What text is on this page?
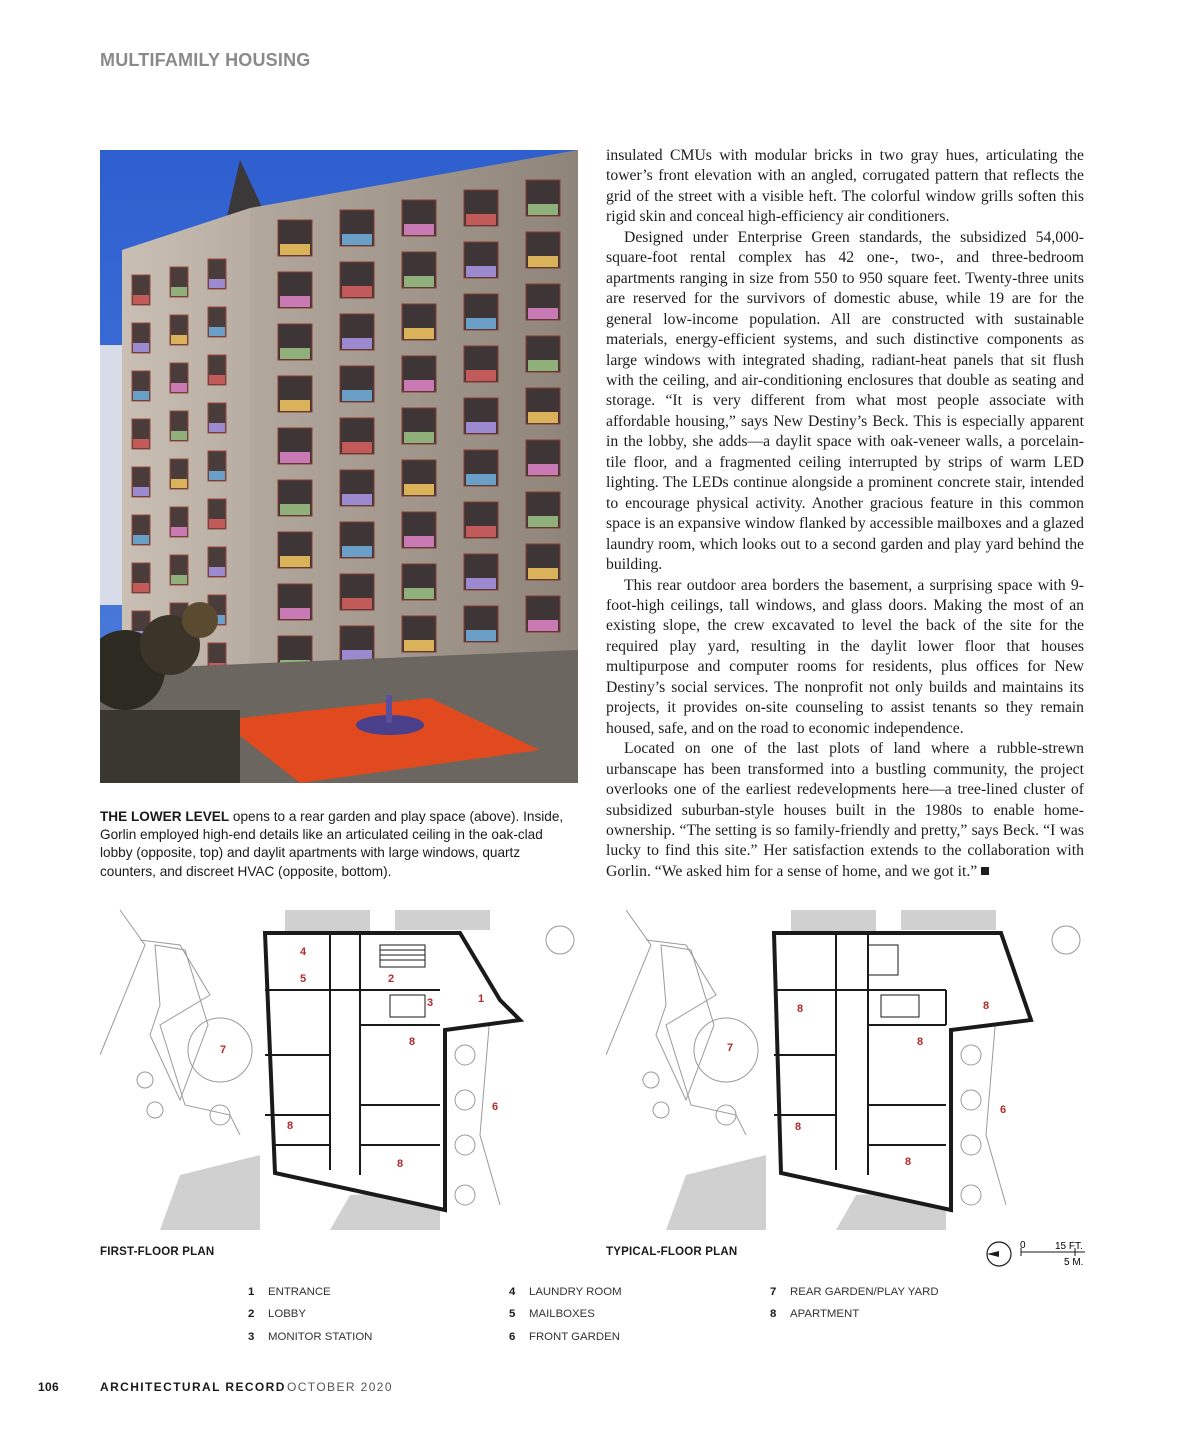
MULTIFAMILY HOUSING
THE LOWER LEVEL opens to a rear garden and play space (above). Inside, Gorlin employed high-end details like an articulated ceiling in the oak-clad lobby (opposite, top) and daylit apartments with large windows, quartz counters, and discreet HVAC (opposite, bottom).

insulated CMUs with modular bricks in two gray hues, articulating the tower’s front elevation with an angled, corrugated pattern that reflects the grid of the street with a visible heft. The colorful window grills soften this rigid skin and conceal high-efficiency air conditioners.

Designed under Enterprise Green standards, the subsidized 54,000-square-foot rental complex has 42 one-, two-, and three-bedroom apartments ranging in size from 550 to 950 square feet. Twenty-three units are reserved for the survivors of domestic abuse, while 19 are for the general low-income population. All are constructed with sustainable materials, energy-efficient systems, and such distinctive components as large windows with integrated shading, radiant-heat panels that sit flush with the ceiling, and air-conditioning enclosures that double as seating and storage. “It is very different from what most people associate with affordable housing,” says New Destiny’s Beck. This is especially apparent in the lobby, she adds—a daylit space with oak-veneer walls, a porcelain-tile floor, and a fragmented ceiling interrupted by strips of warm LED lighting. The LEDs continue alongside a prominent concrete stair, intended to encourage physical activity. Another gracious feature in this common space is an expansive window flanked by accessible mailboxes and a glazed laundry room, which looks out to a second garden and play yard behind the building.

This rear outdoor area borders the basement, a surprising space with 9-foot-high ceilings, tall windows, and glass doors. Making the most of an existing slope, the crew excavated to level the back of the site for the required play yard, resulting in the daylit lower floor that houses multipurpose and computer rooms for residents, plus offices for New Destiny’s social services. The nonprofit not only builds and maintains its projects, it provides on-site counseling to assist tenants so they remain housed, safe, and on the road to economic independence.

Located on one of the last plots of land where a rubble-strewn urbanscape has been transformed into a bustling community, the project overlooks one of the earliest redevelopments here—a tree-lined cluster of subsidized suburban-style houses built in the 1980s to enable home-ownership. “The setting is so family-friendly and pretty,” says Beck. “I was lucky to find this site.” Her satisfaction extends to the collaboration with Gorlin. “We asked him for a sense of home, and we got it.”

4
5	2
3	1
7
8
6
8
8
7
8	8
8
6
8
8
FIRST-FLOOR PLAN	TYPICAL-FLOOR PLAN
0	15 FT.
5 M.
1 ENTRANCE
2 LOBBY
3 MONITOR STATION
4 LAUNDRY ROOM
5 MAILBOXES
6 FRONT GARDEN
7 REAR GARDEN/PLAY YARD
8 APARTMENT
106	ARCHITECTURAL RECORD OCTOBER 2020
